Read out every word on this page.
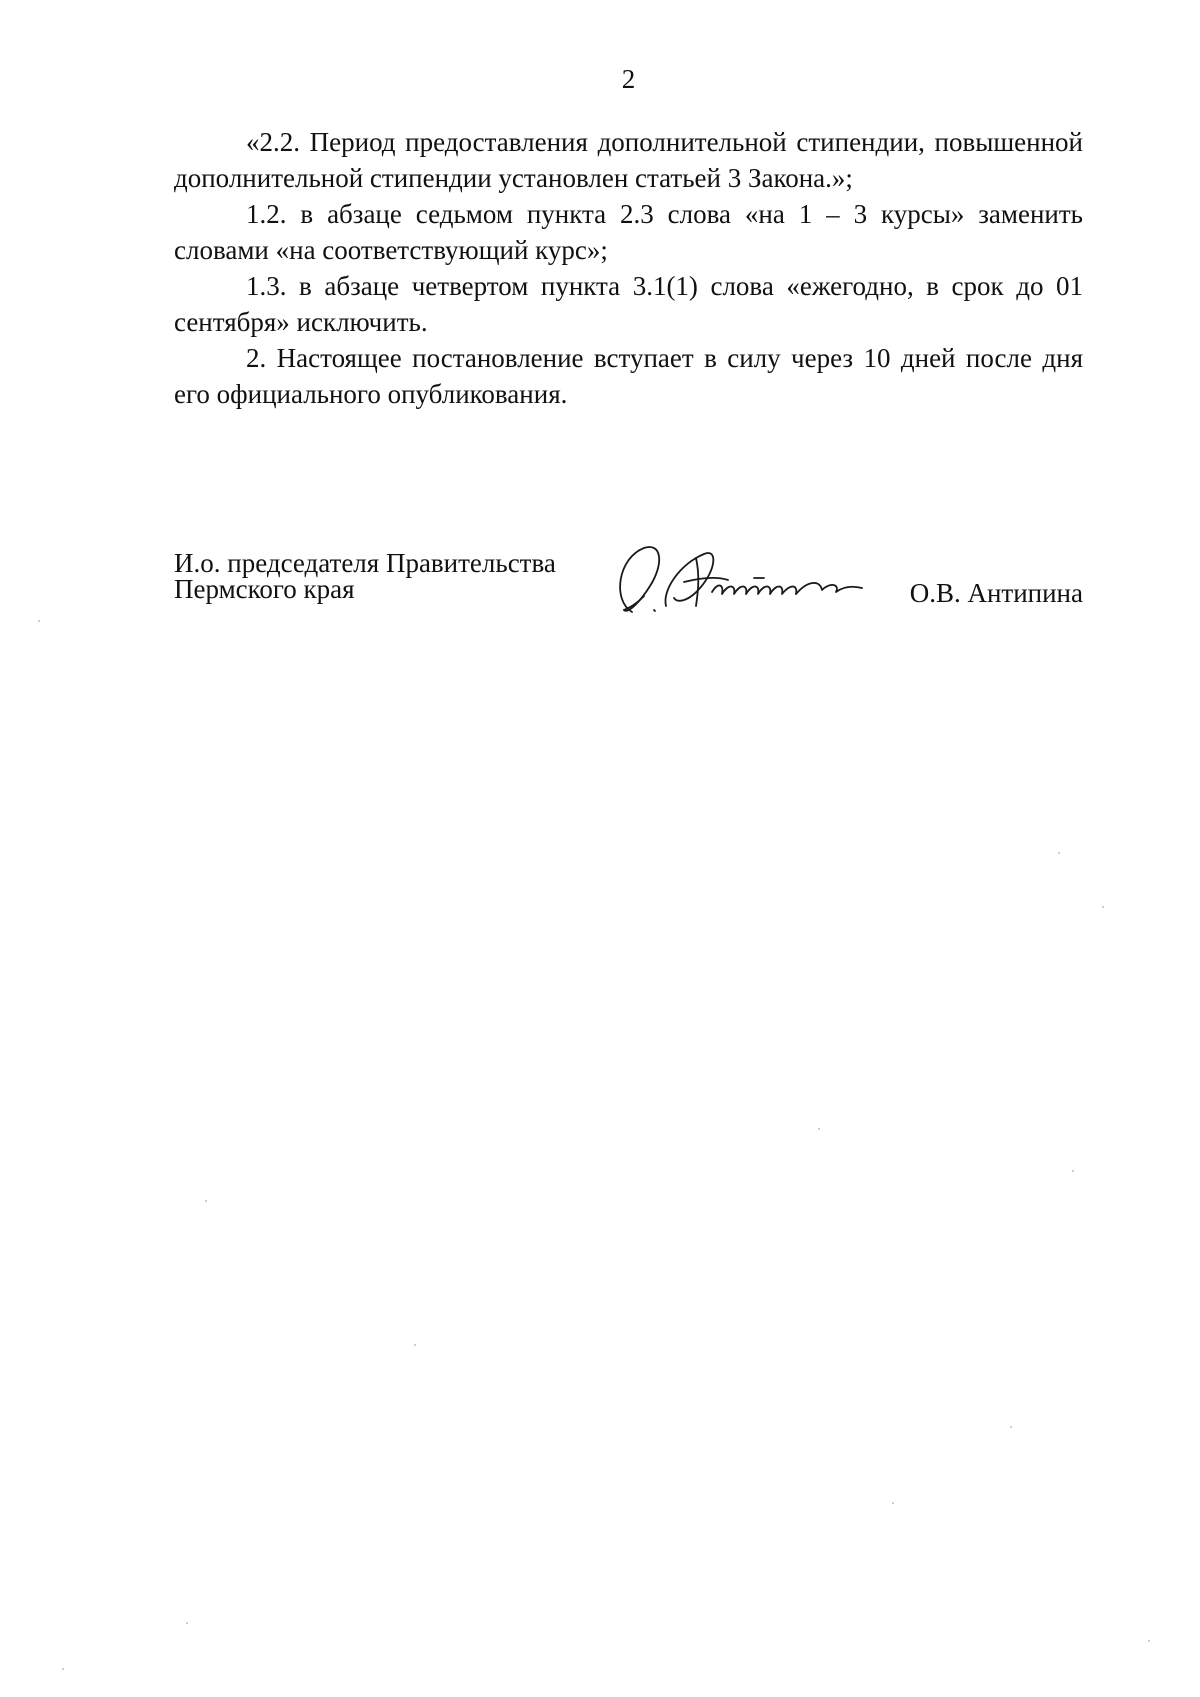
2

«2.2. Период предоставления дополнительной стипендии, повышенной дополнительной стипендии установлен статьей 3 Закона.»;

1.2. в абзаце седьмом пункта 2.3 слова «на 1 – 3 курсы» заменить словами «на соответствующий курс»;

1.3. в абзаце четвертом пункта 3.1(1) слова «ежегодно, в срок до 01 сентября» исключить.

2. Настоящее постановление вступает в силу через 10 дней после дня его официального опубликования.

И.о. председателя Правительства
Пермского края	О.В. Антипина
